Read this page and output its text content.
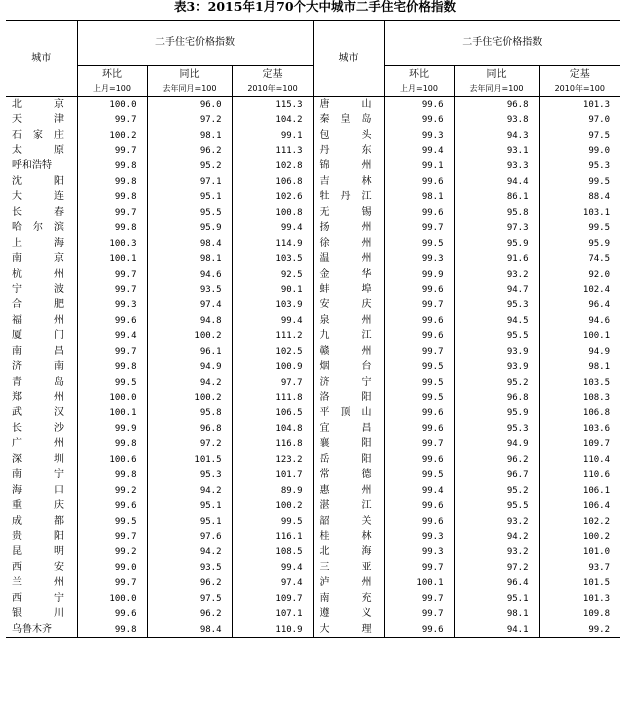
表3：2015年1月70个大中城市二手住宅价格指数
城市	二手住宅价格指数			城市	二手住宅价格指数		
	环比	同比	定基		环比	同比	定基
	上月=100	去年同月=100	2010年=100		上月=100	去年同月=100	2010年=100

北 京	100.0	96.0	115.3	唐 山	99.6	96.8	101.3

天 津	99.7	97.2	104.2	秦 皇 岛	99.6	93.8	97.0

石 家 庄	100.2	98.1	99.1	包 头	99.3	94.3	97.5

太 原	99.7	96.2	111.3	丹 东	99.4	93.1	99.0

呼和浩特	99.8	95.2	102.8	锦 州	99.1	93.3	95.3

沈 阳	99.8	97.1	106.8	吉 林	99.6	94.4	99.5

大 连	99.8	95.1	102.6	牡 丹 江	98.1	86.1	88.4

长 春	99.7	95.5	100.8	无 锡	99.6	95.8	103.1

哈 尔 滨	99.8	95.9	99.4	扬 州	99.7	97.3	99.5

上 海	100.3	98.4	114.9	徐 州	99.5	95.9	95.9

南 京	100.1	98.1	103.5	温 州	99.3	91.6	74.5

杭 州	99.7	94.6	92.5	金 华	99.9	93.2	92.0

宁 波	99.7	93.5	90.1	蚌 埠	99.6	94.7	102.4

合 肥	99.3	97.4	103.9	安 庆	99.7	95.3	96.4

福 州	99.6	94.8	99.4	泉 州	99.6	94.5	94.6

厦 门	99.4	100.2	111.2	九 江	99.6	95.5	100.1

南 昌	99.7	96.1	102.5	赣 州	99.7	93.9	94.9

济 南	99.8	94.9	100.9	烟 台	99.5	93.9	98.1

青 岛	99.5	94.2	97.7	济 宁	99.5	95.2	103.5

郑 州	100.0	100.2	111.8	洛 阳	99.5	96.8	108.3

武 汉	100.1	95.8	106.5	平 顶 山	99.6	95.9	106.8

长 沙	99.9	96.8	104.8	宜 昌	99.6	95.3	103.6

广 州	99.8	97.2	116.8	襄 阳	99.7	94.9	109.7

深 圳	100.6	101.5	123.2	岳 阳	99.6	96.2	110.4

南 宁	99.8	95.3	101.7	常 德	99.5	96.7	110.6

海 口	99.2	94.2	89.9	惠 州	99.4	95.2	106.1

重 庆	99.6	95.1	100.2	湛 江	99.6	95.5	106.4

成 都	99.5	95.1	99.5	韶 关	99.6	93.2	102.2

贵 阳	99.7	97.6	116.1	桂 林	99.3	94.2	100.2

昆 明	99.2	94.2	108.5	北 海	99.3	93.2	101.0

西 安	99.0	93.5	99.4	三 亚	99.7	97.2	93.7

兰 州	99.7	96.2	97.4	泸 州	100.1	96.4	101.5

西 宁	100.0	97.5	109.7	南 充	99.7	95.1	101.3

银 川	99.6	96.2	107.1	遵 义	99.7	98.1	109.8

乌鲁木齐	99.8	98.4	110.9	大 理	99.6	94.1	99.2
